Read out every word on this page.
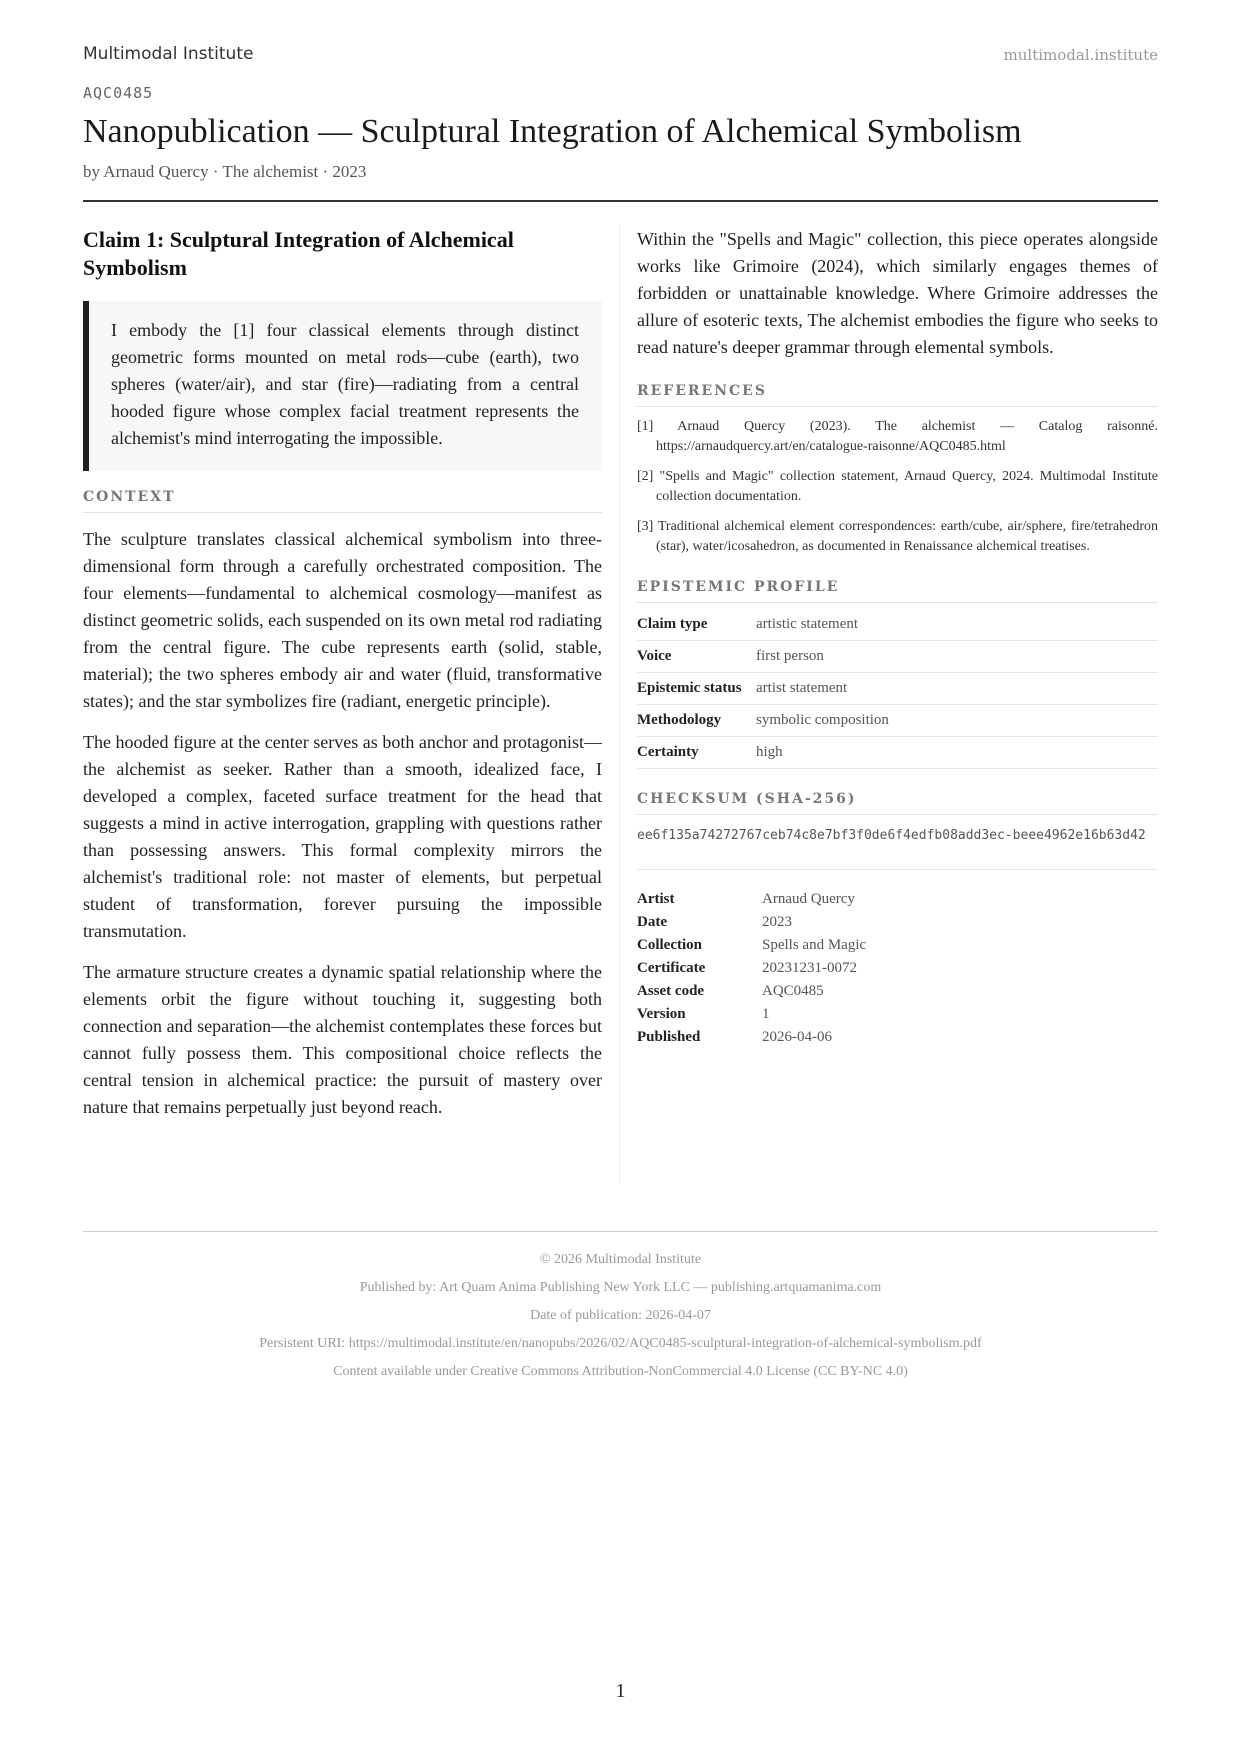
Multimodal Institute	multimodal.institute
AQC0485
Nanopublication — Sculptural Integration of Alchemical Symbolism
by Arnaud Quercy · The alchemist · 2023
Claim 1: Sculptural Integration of Alchemical Symbolism
I embody the [1] four classical elements through distinct geometric forms mounted on metal rods—cube (earth), two spheres (water/air), and star (fire)—radiating from a central hooded figure whose complex facial treatment represents the alchemist's mind interrogating the impossible.
CONTEXT

The sculpture translates classical alchemical symbolism into three-dimensional form through a carefully orchestrated composition. The four elements—fundamental to alchemical cosmology—manifest as distinct geometric solids, each suspended on its own metal rod radiating from the central figure. The cube represents earth (solid, stable, material); the two spheres embody air and water (fluid, transformative states); and the star symbolizes fire (radiant, energetic principle).

The hooded figure at the center serves as both anchor and protagonist—the alchemist as seeker. Rather than a smooth, idealized face, I developed a complex, faceted surface treatment for the head that suggests a mind in active interrogation, grappling with questions rather than possessing answers. This formal complexity mirrors the alchemist's traditional role: not master of elements, but perpetual student of transformation, forever pursuing the impossible transmutation.

The armature structure creates a dynamic spatial relationship where the elements orbit the figure without touching it, suggesting both connection and separation—the alchemist contemplates these forces but cannot fully possess them. This compositional choice reflects the central tension in alchemical practice: the pursuit of mastery over nature that remains perpetually just beyond reach.

Within the "Spells and Magic" collection, this piece operates alongside works like Grimoire (2024), which similarly engages themes of forbidden or unattainable knowledge. Where Grimoire addresses the allure of esoteric texts, The alchemist embodies the figure who seeks to read nature's deeper grammar through elemental symbols.

REFERENCES
[1] Arnaud Quercy (2023). The alchemist — Catalog raisonné. https://arnaudquercy.art/en/catalogue-raisonne/AQC0485.html
[2] "Spells and Magic" collection statement, Arnaud Quercy, 2024. Multimodal Institute collection documentation.
[3] Traditional alchemical element correspondences: earth/cube, air/sphere, fire/tetrahedron (star), water/icosahedron, as documented in Renaissance alchemical treatises.
EPISTEMIC PROFILE
Claim type	artistic statement
Voice	first person
Epistemic status	artist statement
Methodology	symbolic composition
Certainty	high
CHECKSUM (SHA-256)
ee6f135a74272767ceb74c8e7bf3f0de6f4edfb08add3ec-beee4962e16b63d42
Artist	Arnaud Quercy
Date	2023
Collection	Spells and Magic
Certificate	20231231-0072
Asset code	AQC0485
Version	1
Published	2026-04-06
© 2026 Multimodal Institute
Published by: Art Quam Anima Publishing New York LLC — publishing.artquamanima.com
Date of publication: 2026-04-07
Persistent URI: https://multimodal.institute/en/nanopubs/2026/02/AQC0485-sculptural-integration-of-alchemical-symbolism.pdf
Content available under Creative Commons Attribution-NonCommercial 4.0 License (CC BY-NC 4.0)
1
